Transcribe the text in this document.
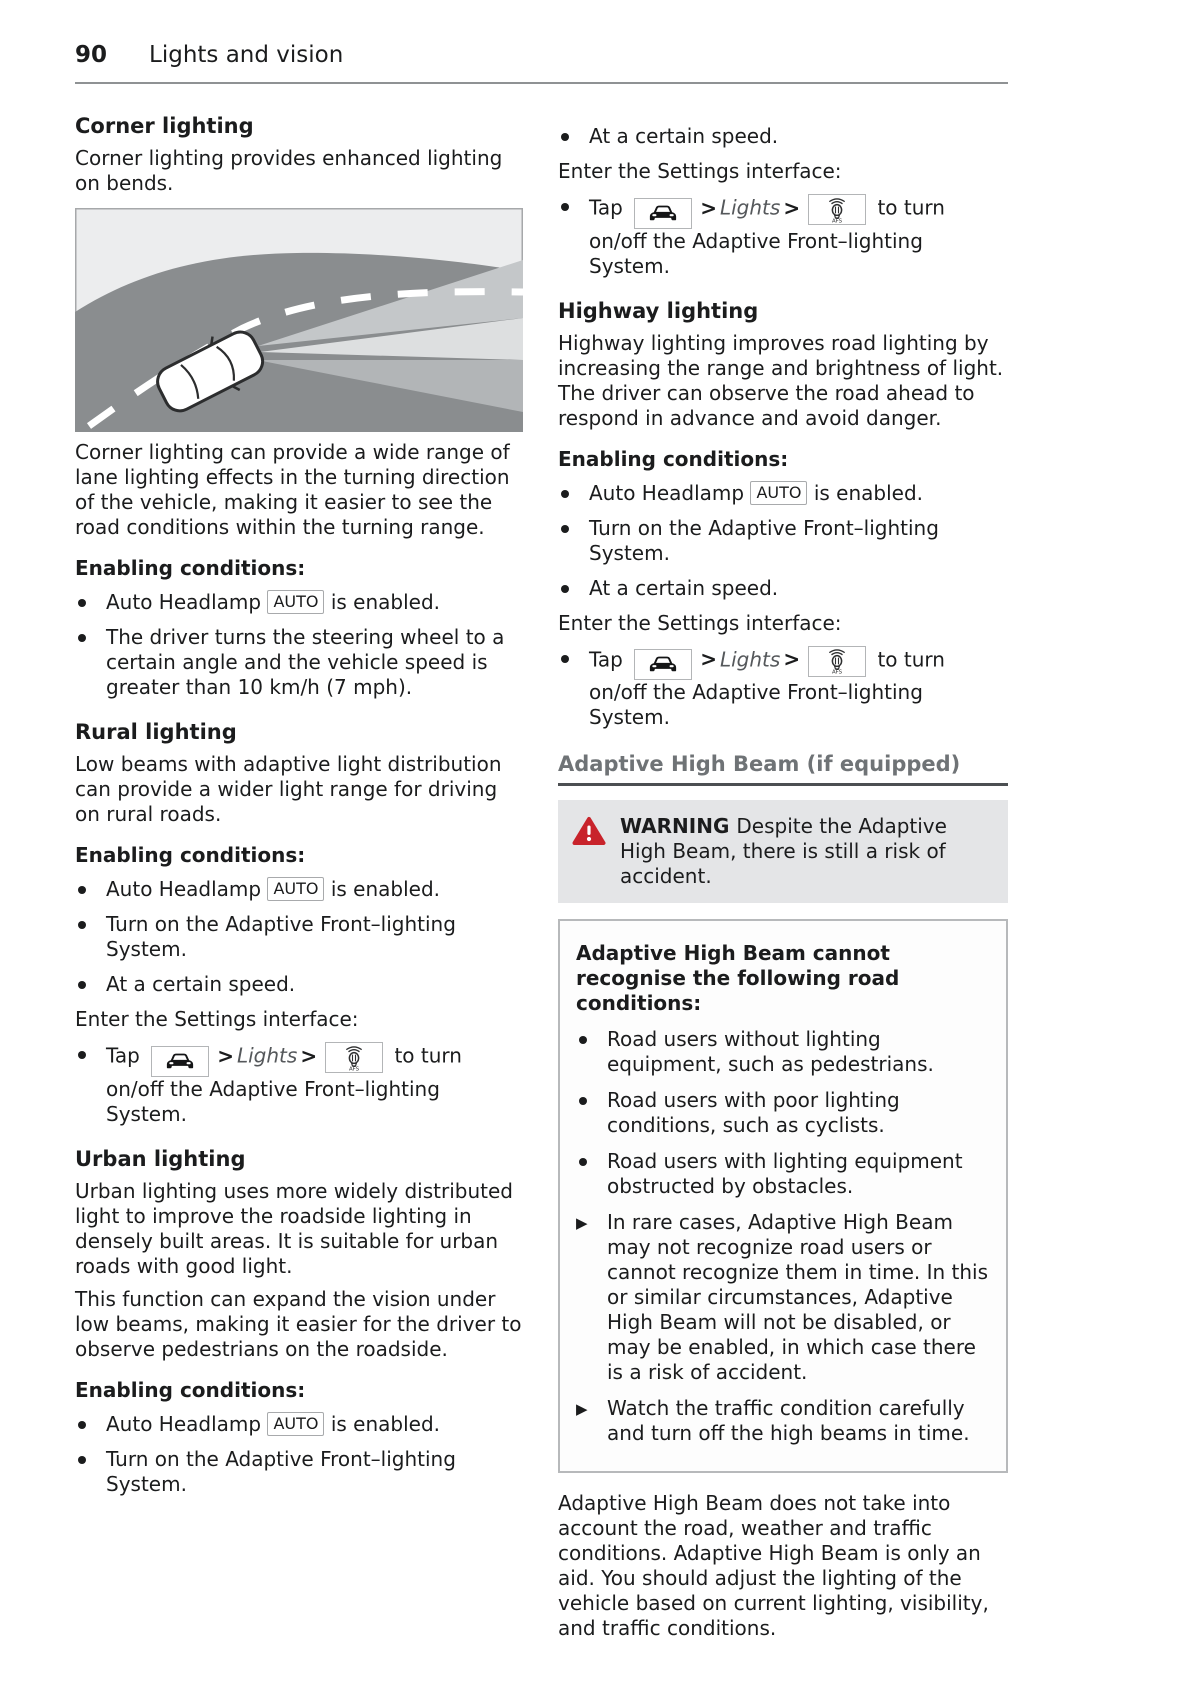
90 Lights and vision
Corner lighting

Corner lighting provides enhanced lighting on bends.

Corner lighting can provide a wide range of lane lighting effects in the turning direction of the vehicle, making it easier to see the road conditions within the turning range.

Enabling conditions:
Auto Headlamp AUTO is enabled.
The driver turns the steering wheel to a certain angle and the vehicle speed is greater than 10 km/h (7 mph).
Rural lighting

Low beams with adaptive light distribution can provide a wider light range for driving on rural roads.

Enabling conditions:
Auto Headlamp AUTO is enabled.
Turn on the Adaptive Front–lighting System.
At a certain speed.

Enter the Settings interface:

Tap	> Lights >
AFS
to turn on/off the Adaptive Front–lighting System.
Urban lighting

Urban lighting uses more widely distributed light to improve the roadside lighting in densely built areas. It is suitable for urban roads with good light.

This function can expand the vision under low beams, making it easier for the driver to observe pedestrians on the roadside.

Enabling conditions:
Auto Headlamp AUTO is enabled.
Turn on the Adaptive Front–lighting System.
At a certain speed.

Enter the Settings interface:

Tap	> Lights >
AFS
to turn on/off the Adaptive Front–lighting System.
Highway lighting

Highway lighting improves road lighting by increasing the range and brightness of light. The driver can observe the road ahead to respond in advance and avoid danger.

Enabling conditions:
Auto Headlamp AUTO is enabled.
Turn on the Adaptive Front–lighting System.
At a certain speed.

Enter the Settings interface:

Tap	> Lights >
AFS
to turn on/off the Adaptive Front–lighting System.
Adaptive High Beam (if equipped)

WARNING Despite the Adaptive High Beam, there is still a risk of accident.

Adaptive High Beam cannot recognise the following road conditions:

Road users without lighting equipment, such as pedestrians.
Road users with poor lighting conditions, such as cyclists.
Road users with lighting equipment obstructed by obstacles.
▶ In rare cases, Adaptive High Beam may not recognize road users or cannot recognize them in time. In this or similar circumstances, Adaptive High Beam will not be disabled, or may be enabled, in which case there is a risk of accident.
▶ Watch the traffic condition carefully and turn off the high beams in time.

Adaptive High Beam does not take into account the road, weather and traffic conditions. Adaptive High Beam is only an aid. You should adjust the lighting of the vehicle based on current lighting, visibility, and traffic conditions.
